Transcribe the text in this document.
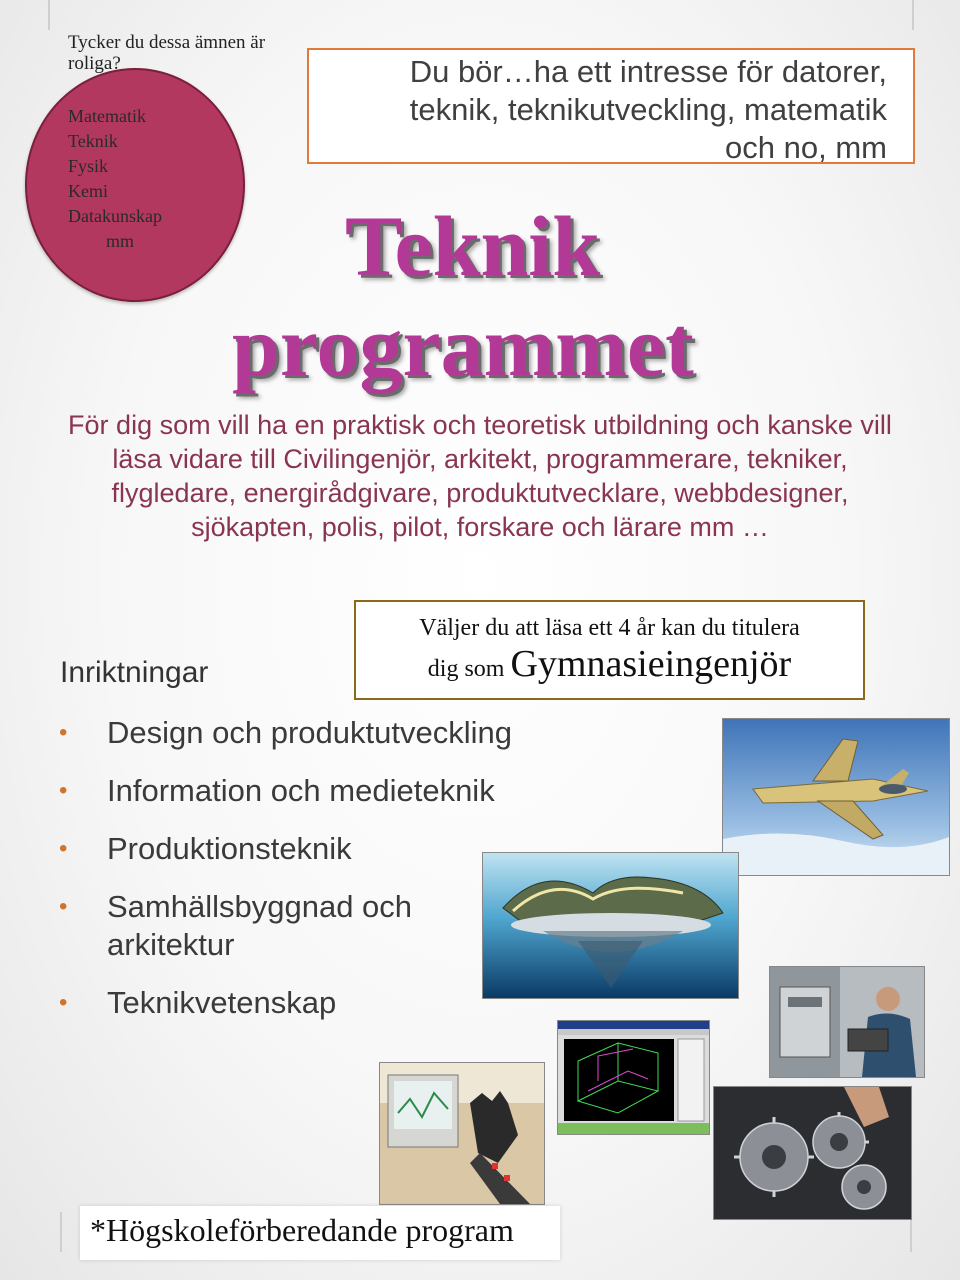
Tycker du dessa ämnen är roliga?
Matematik
Teknik
Fysik
Kemi
Datakunskap
mm
Du bör…ha ett intresse för datorer,
teknik, teknikutveckling, matematik
och no, mm
Teknik
programmet
För dig som vill ha en praktisk och teoretisk utbildning och kanske vill läsa vidare till Civilingenjör, arkitekt, programmerare, tekniker, flygledare, energirådgivare, produktutvecklare, webbdesigner, sjökapten, polis, pilot, forskare och lärare mm …
Väljer du att läsa ett 4 år kan du titulera
dig som Gymnasieingenjör
Inriktningar
• Design och produktutveckling
• Information och medieteknik
• Produktionsteknik
• Samhällsbyggnad och arkitektur
• Teknikvetenskap
*Högskoleförberedande program
